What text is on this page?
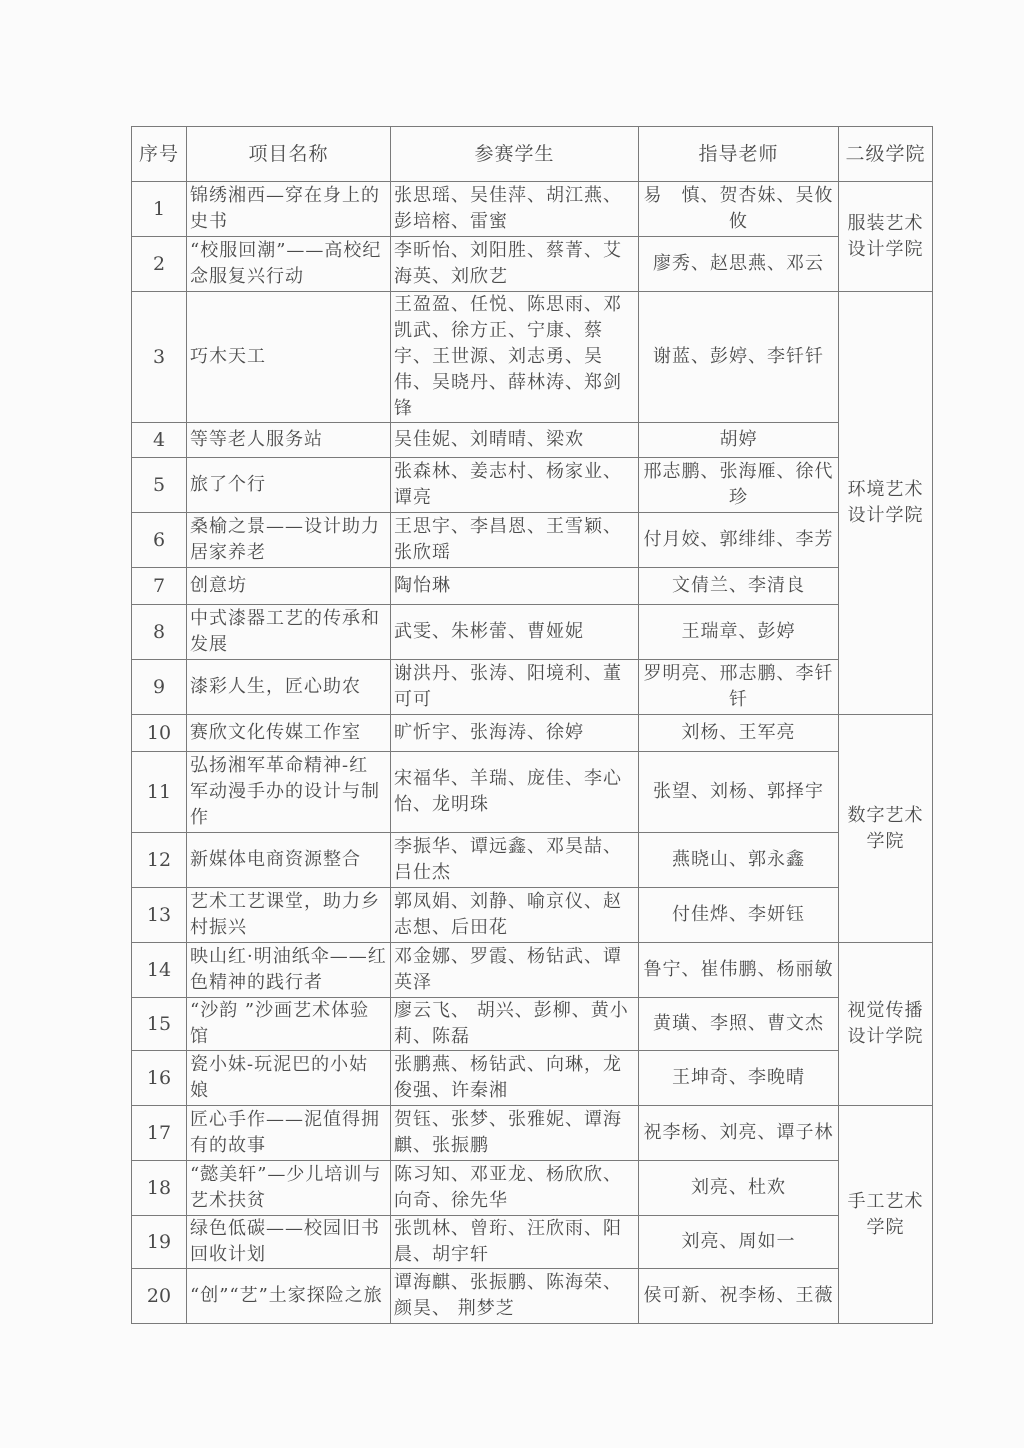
序号	项目名称	参赛学生	指导老师	二级学院
1	锦绣湘西—穿在身上的史书	张思瑶、吴佳萍、胡江燕、彭培榕、雷蜜	易　慎、贺杏妹、吴攸攸	服装艺术设计学院
2	“校服回潮”——高校纪念服复兴行动	李昕怡、刘阳胜、蔡菁、艾海英、刘欣艺	廖秀、赵思燕、邓云	
3	巧木天工	王盈盈、任悦、陈思雨、邓凯武、徐方正、宁康、蔡宇、王世源、刘志勇、吴伟、吴晓丹、薛林涛、郑剑锋	谢蓝、彭婷、李钎钎	环境艺术设计学院
4	等等老人服务站	吴佳妮、刘晴晴、梁欢	胡婷	
5	旅了个行	张森林、姜志村、杨家业、谭亮	邢志鹏、张海雁、徐代珍	
6	桑榆之景——设计助力居家养老	王思宇、李昌恩、王雪颖、张欣瑶	付月姣、郭绯绯、李芳	
7	创意坊	陶怡琳	文倩兰、李清良	
8	中式漆器工艺的传承和发展	武雯、朱彬蕾、曹娅妮	王瑞章、彭婷	
9	漆彩人生，匠心助农	谢洪丹、张涛、阳境利、董可可	罗明亮、邢志鹏、李钎钎	
10	赛欣文化传媒工作室	旷忻宇、张海涛、徐婷	刘杨、王军亮	数字艺术学院
11	弘扬湘军革命精神-红军动漫手办的设计与制作	宋福华、羊瑞、庞佳、李心怡、龙明珠	张望、刘杨、郭择宇	
12	新媒体电商资源整合	李振华、谭远鑫、邓昊喆、吕仕杰	燕晓山、郭永鑫	
13	艺术工艺课堂，助力乡村振兴	郭凤娟、刘静、喻京仪、赵志想、后田花	付佳烨、李妍钰	
14	映山红·明油纸伞——红色精神的践行者	邓金娜、罗霞、杨钻武、谭英泽	鲁宁、崔伟鹏、杨丽敏	视觉传播设计学院
15	“沙韵 ”沙画艺术体验馆	廖云飞、 胡兴、彭柳、黄小莉、陈磊	黄璜、李照、曹文杰	
16	瓷小妹-玩泥巴的小姑娘	张鹏燕、杨钻武、向琳，龙俊强、许秦湘	王坤奇、李晚晴	
17	匠心手作——泥值得拥有的故事	贺钰、张梦、张雅妮、谭海麒、张振鹏	祝李杨、刘亮、谭子林	手工艺术学院
18	“懿美轩”—少儿培训与艺术扶贫	陈习知、邓亚龙、杨欣欣、向奇、徐先华	刘亮、杜欢	
19	绿色低碳——校园旧书回收计划	张凯林、曾珩、汪欣雨、阳晨、胡宇轩	刘亮、周如一	
20	“创”“艺”土家探险之旅	谭海麒、张振鹏、陈海荣、颜昊、 荆梦芝	侯可新、祝李杨、王薇	
